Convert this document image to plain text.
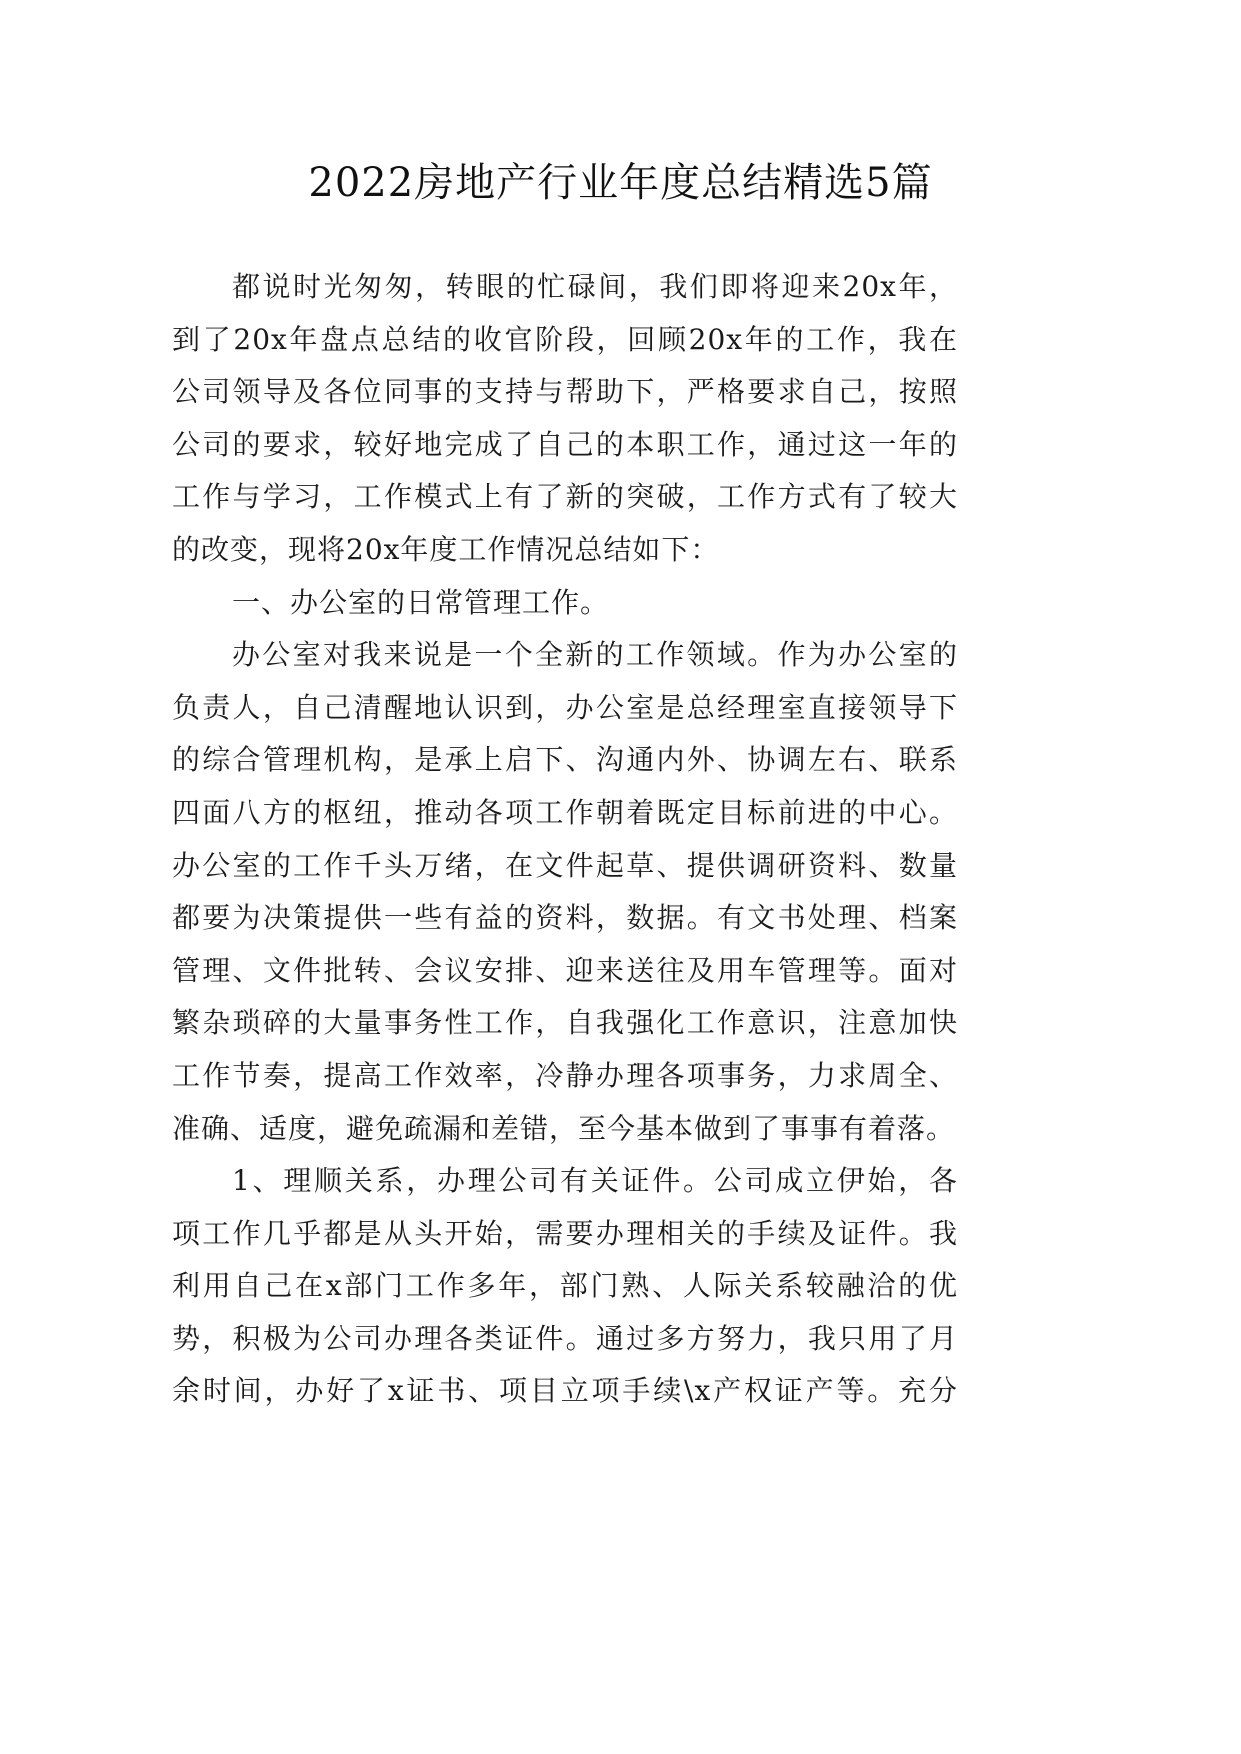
2022房地产行业年度总结精选5篇
都说时光匆匆，转眼的忙碌间，我们即将迎来20x年，
到了20x年盘点总结的收官阶段，回顾20x年的工作，我在
公司领导及各位同事的支持与帮助下，严格要求自己，按照
公司的要求，较好地完成了自己的本职工作，通过这一年的
工作与学习，工作模式上有了新的突破，工作方式有了较大
的改变，现将20x年度工作情况总结如下：
一、办公室的日常管理工作。
办公室对我来说是一个全新的工作领域。作为办公室的
负责人，自己清醒地认识到，办公室是总经理室直接领导下
的综合管理机构，是承上启下、沟通内外、协调左右、联系
四面八方的枢纽，推动各项工作朝着既定目标前进的中心。
办公室的工作千头万绪，在文件起草、提供调研资料、数量
都要为决策提供一些有益的资料，数据。有文书处理、档案
管理、文件批转、会议安排、迎来送往及用车管理等。面对
繁杂琐碎的大量事务性工作，自我强化工作意识，注意加快
工作节奏，提高工作效率，冷静办理各项事务，力求周全、
准确、适度，避免疏漏和差错，至今基本做到了事事有着落。
1、理顺关系，办理公司有关证件。公司成立伊始，各
项工作几乎都是从头开始，需要办理相关的手续及证件。我
利用自己在x部门工作多年，部门熟、人际关系较融洽的优
势，积极为公司办理各类证件。通过多方努力，我只用了月
余时间，办好了x证书、项目立项手续\x产权证产等。充分
